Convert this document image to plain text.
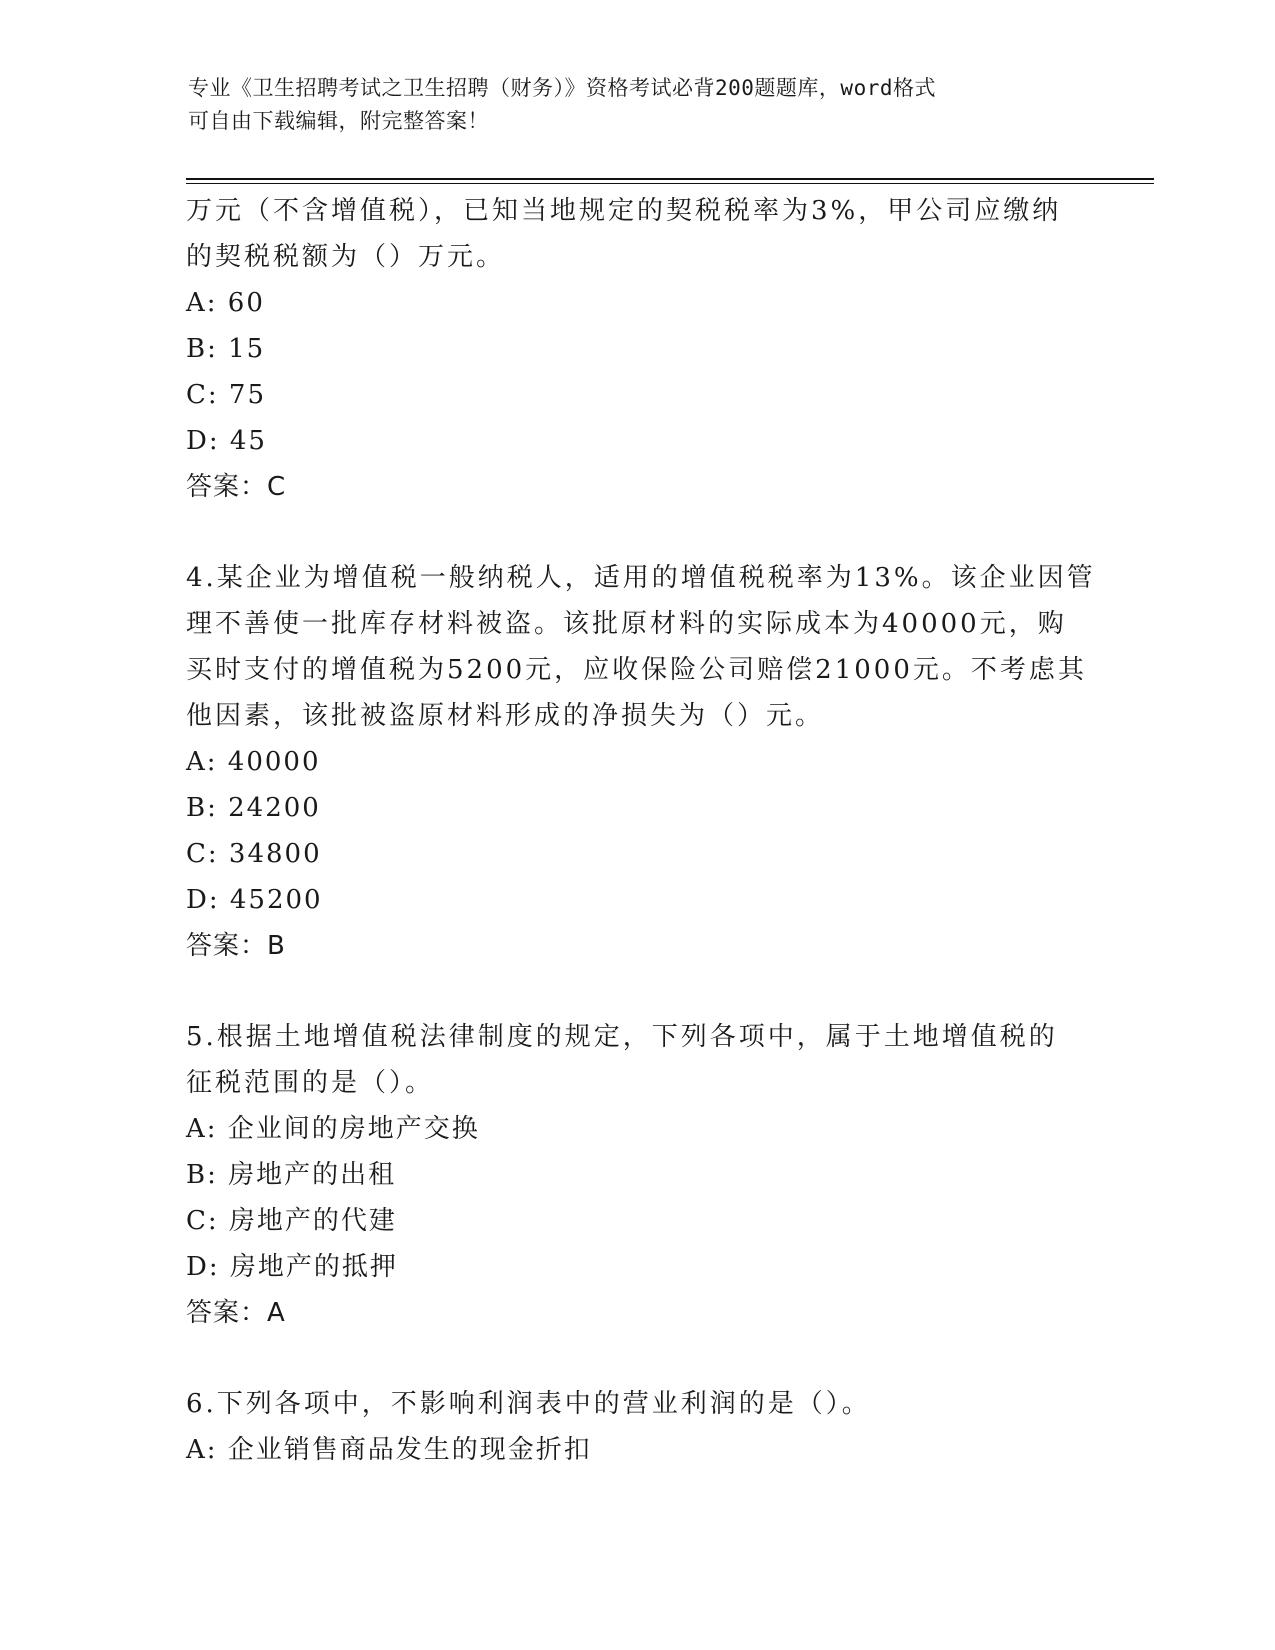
专业《卫生招聘考试之卫生招聘（财务）》资格考试必背200题题库，word格式
可自由下载编辑，附完整答案！
万元（不含增值税），已知当地规定的契税税率为3%，甲公司应缴纳
的契税税额为（）万元。
A: 60
B: 15
C: 75
D: 45
答案：C
4.某企业为增值税一般纳税人，适用的增值税税率为13%。该企业因管
理不善使一批库存材料被盗。该批原材料的实际成本为40000元，购
买时支付的增值税为5200元，应收保险公司赔偿21000元。不考虑其
他因素，该批被盗原材料形成的净损失为（）元。
A: 40000
B: 24200
C: 34800
D: 45200
答案：B
5.根据土地增值税法律制度的规定，下列各项中，属于土地增值税的
征税范围的是（）。
A: 企业间的房地产交换
B: 房地产的出租
C: 房地产的代建
D: 房地产的抵押
答案：A
6.下列各项中，不影响利润表中的营业利润的是（）。
A: 企业销售商品发生的现金折扣
